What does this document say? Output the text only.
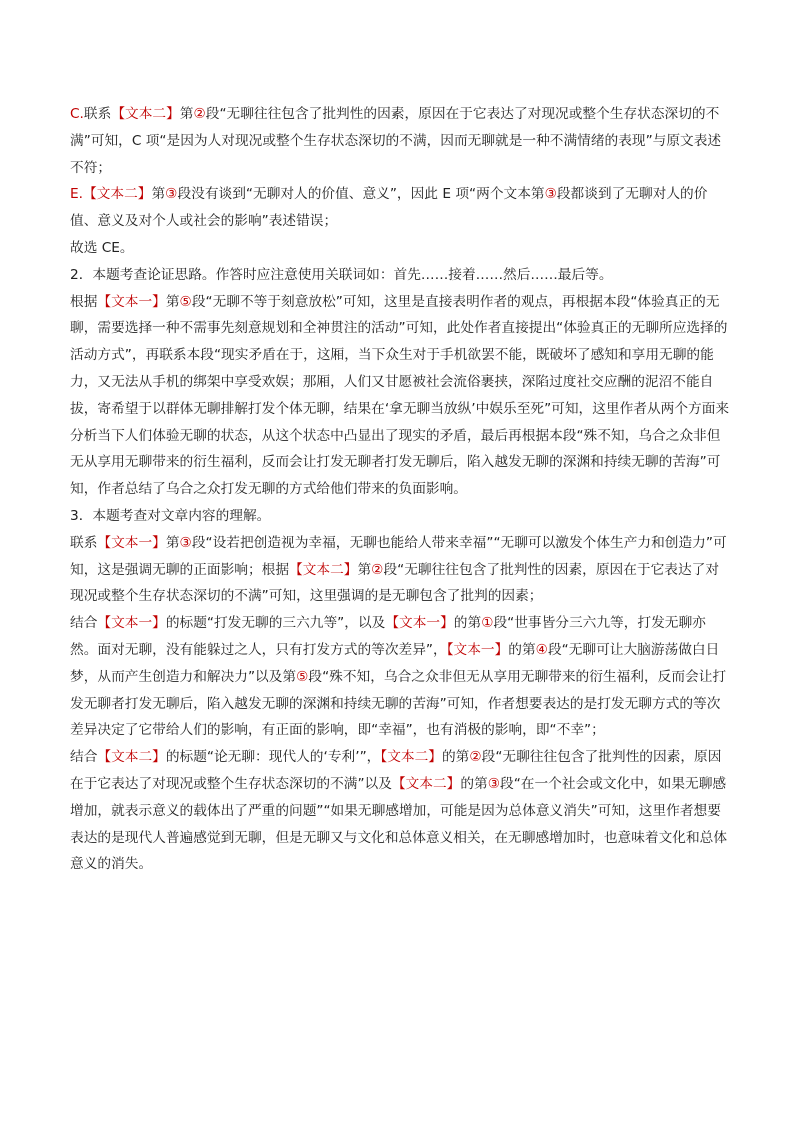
C.联系【文本二】第②段“无聊往往包含了批判性的因素，原因在于它表达了对现况或整个生存状态深切的不满”可知，C 项“是因为人对现况或整个生存状态深切的不满，因而无聊就是一种不满情绪的表现”与原文表述不符；

E.【文本二】第③段没有谈到“无聊对人的价值、意义”，因此 E 项“两个文本第③段都谈到了无聊对人的价值、意义及对个人或社会的影响”表述错误；

故选 CE。

2．本题考查论证思路。作答时应注意使用关联词如：首先……接着……然后……最后等。

根据【文本一】第⑤段“无聊不等于刻意放松”可知，这里是直接表明作者的观点，再根据本段“体验真正的无聊，需要选择一种不需事先刻意规划和全神贯注的活动”可知，此处作者直接提出“体验真正的无聊所应选择的活动方式”，再联系本段“现实矛盾在于，这厢，当下众生对于手机欲罢不能，既破坏了感知和享用无聊的能力，又无法从手机的绑架中享受欢娱；那厢，人们又甘愿被社会流俗裹挟，深陷过度社交应酬的泥沼不能自拔，寄希望于以群体无聊排解打发个体无聊，结果在‘拿无聊当放纵’中娱乐至死”可知，这里作者从两个方面来分析当下人们体验无聊的状态，从这个状态中凸显出了现实的矛盾，最后再根据本段“殊不知，乌合之众非但无从享用无聊带来的衍生福利，反而会让打发无聊者打发无聊后，陷入越发无聊的深渊和持续无聊的苦海”可知，作者总结了乌合之众打发无聊的方式给他们带来的负面影响。

3．本题考查对文章内容的理解。

联系【文本一】第③段“设若把创造视为幸福，无聊也能给人带来幸福”“无聊可以激发个体生产力和创造力”可知，这是强调无聊的正面影响；根据【文本二】第②段“无聊往往包含了批判性的因素，原因在于它表达了对现况或整个生存状态深切的不满”可知，这里强调的是无聊包含了批判的因素；

结合【文本一】的标题“打发无聊的三六九等”，以及【文本一】的第①段“世事皆分三六九等，打发无聊亦然。面对无聊，没有能躲过之人，只有打发方式的等次差异”，【文本一】的第④段“无聊可让大脑游荡做白日梦，从而产生创造力和解决力”以及第⑤段“殊不知，乌合之众非但无从享用无聊带来的衍生福利，反而会让打发无聊者打发无聊后，陷入越发无聊的深渊和持续无聊的苦海”可知，作者想要表达的是打发无聊方式的等次差异决定了它带给人们的影响，有正面的影响，即“幸福”，也有消极的影响，即“不幸”；

结合【文本二】的标题“论无聊：现代人的‘专利’”，【文本二】的第②段“无聊往往包含了批判性的因素，原因在于它表达了对现况或整个生存状态深切的不满”以及【文本二】的第③段“在一个社会或文化中，如果无聊感增加，就表示意义的载体出了严重的问题”“如果无聊感增加，可能是因为总体意义消失”可知，这里作者想要表达的是现代人普遍感觉到无聊，但是无聊又与文化和总体意义相关，在无聊感增加时，也意味着文化和总体意义的消失。
